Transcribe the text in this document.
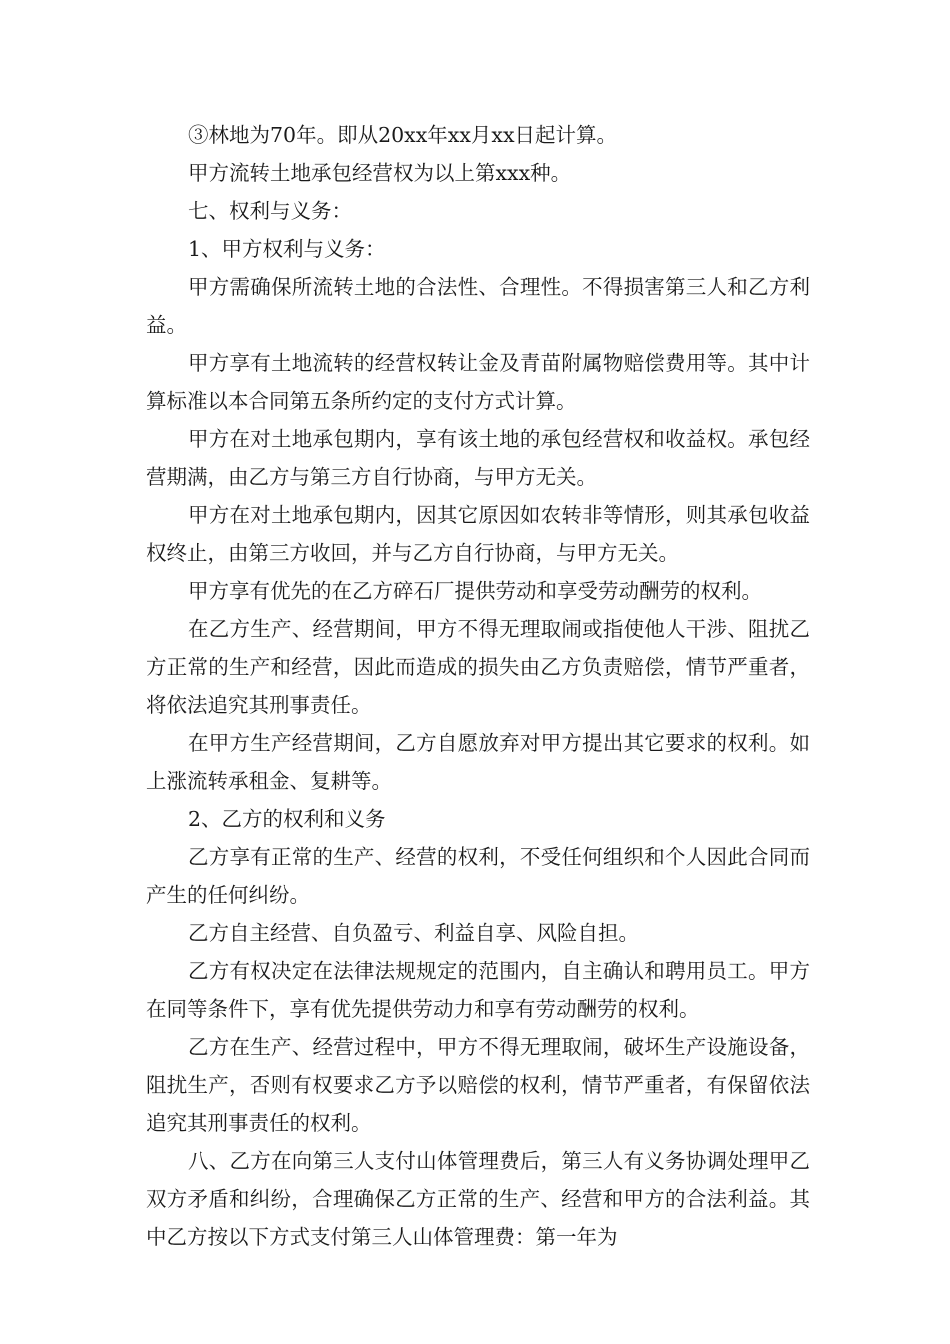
③林地为70年。即从20xx年xx月xx日起计算。

甲方流转土地承包经营权为以上第xxx种。

七、权利与义务：

1、甲方权利与义务：

甲方需确保所流转土地的合法性、合理性。不得损害第三人和乙方利益。

甲方享有土地流转的经营权转让金及青苗附属物赔偿费用等。其中计算标准以本合同第五条所约定的支付方式计算。

甲方在对土地承包期内，享有该土地的承包经营权和收益权。承包经营期满，由乙方与第三方自行协商，与甲方无关。

甲方在对土地承包期内，因其它原因如农转非等情形，则其承包收益权终止，由第三方收回，并与乙方自行协商，与甲方无关。

甲方享有优先的在乙方碎石厂提供劳动和享受劳动酬劳的权利。

在乙方生产、经营期间，甲方不得无理取闹或指使他人干涉、阻扰乙方正常的生产和经营，因此而造成的损失由乙方负责赔偿，情节严重者，将依法追究其刑事责任。

在甲方生产经营期间，乙方自愿放弃对甲方提出其它要求的权利。如上涨流转承租金、复耕等。

2、乙方的权利和义务

乙方享有正常的生产、经营的权利，不受任何组织和个人因此合同而产生的任何纠纷。

乙方自主经营、自负盈亏、利益自享、风险自担。

乙方有权决定在法律法规规定的范围内，自主确认和聘用员工。甲方在同等条件下，享有优先提供劳动力和享有劳动酬劳的权利。

乙方在生产、经营过程中，甲方不得无理取闹，破坏生产设施设备，阻扰生产，否则有权要求乙方予以赔偿的权利，情节严重者，有保留依法追究其刑事责任的权利。

八、乙方在向第三人支付山体管理费后，第三人有义务协调处理甲乙双方矛盾和纠纷，合理确保乙方正常的生产、经营和甲方的合法利益。其中乙方按以下方式支付第三人山体管理费：第一年为
